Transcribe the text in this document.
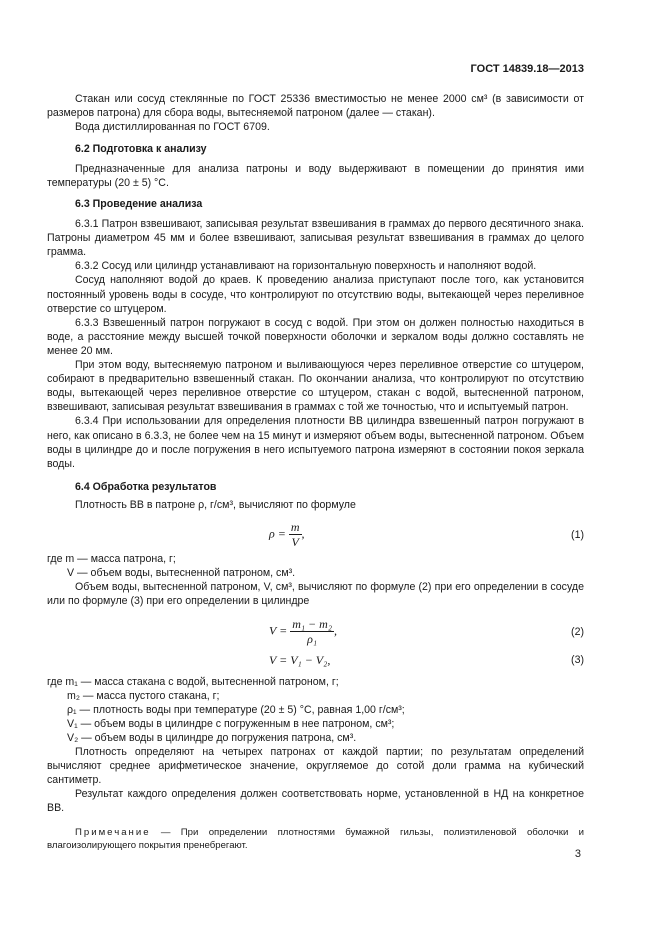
ГОСТ 14839.18—2013

Стакан или сосуд стеклянные по ГОСТ 25336 вместимостью не менее 2000 см³ (в зависимости от размеров патрона) для сбора воды, вытесняемой патроном (далее — стакан).

Вода дистиллированная по ГОСТ 6709.

6.2 Подготовка к анализу

Предназначенные для анализа патроны и воду выдерживают в помещении до принятия ими температуры (20 ± 5) °С.

6.3 Проведение анализа

6.3.1 Патрон взвешивают, записывая результат взвешивания в граммах до первого десятичного знака. Патроны диаметром 45 мм и более взвешивают, записывая результат взвешивания в граммах до целого грамма.

6.3.2 Сосуд или цилиндр устанавливают на горизонтальную поверхность и наполняют водой.

Сосуд наполняют водой до краев. К проведению анализа приступают после того, как установится постоянный уровень воды в сосуде, что контролируют по отсутствию воды, вытекающей через переливное отверстие со штуцером.

6.3.3 Взвешенный патрон погружают в сосуд с водой. При этом он должен полностью находиться в воде, а расстояние между высшей точкой поверхности оболочки и зеркалом воды должно составлять не менее 20 мм.

При этом воду, вытесняемую патроном и выливающуюся через переливное отверстие со штуцером, собирают в предварительно взвешенный стакан. По окончании анализа, что контролируют по отсутствию воды, вытекающей через переливное отверстие со штуцером, стакан с водой, вытесненной патроном, взвешивают, записывая результат взвешивания в граммах с той же точностью, что и испытуемый патрон.

6.3.4 При использовании для определения плотности ВВ цилиндра взвешенный патрон погружают в него, как описано в 6.3.3, не более чем на 15 минут и измеряют объем воды, вытесненной патроном. Объем воды в цилиндре до и после погружения в него испытуемого патрона измеряют в состоянии покоя зеркала воды.

6.4 Обработка результатов

Плотность ВВ в патроне ρ, г/см³, вычисляют по формуле

$\rho = \frac{m}{V}$ ,	(1)

где m — масса патрона, г;

V — объем воды, вытесненной патроном, см³.

Объем воды, вытесненной патроном, V, см³, вычисляют по формуле (2) при его определении в сосуде или по формуле (3) при его определении в цилиндре

$V = \frac{\text{m₁ − m₂}}{\text{ρ₁}}$ ,	(2)
V = V₁ − V₂,	(3)

где m₁ — масса стакана с водой, вытесненной патроном, г;

m₂ — масса пустого стакана, г;

ρ₁ — плотность воды при температуре (20 ± 5) °С, равная 1,00 г/см³;

V₁ — объем воды в цилиндре с погруженным в нее патроном, см³;

V₂ — объем воды в цилиндре до погружения патрона, см³.

Плотность определяют на четырех патронах от каждой партии; по результатам определений вычисляют среднее арифметическое значение, округляемое до сотой доли грамма на кубический сантиметр.

Результат каждого определения должен соответствовать норме, установленной в НД на конкретное ВВ.

Примечание — При определении плотностями бумажной гильзы, полиэтиленовой оболочки и влагоизолирующего покрытия пренебрегают.

3
